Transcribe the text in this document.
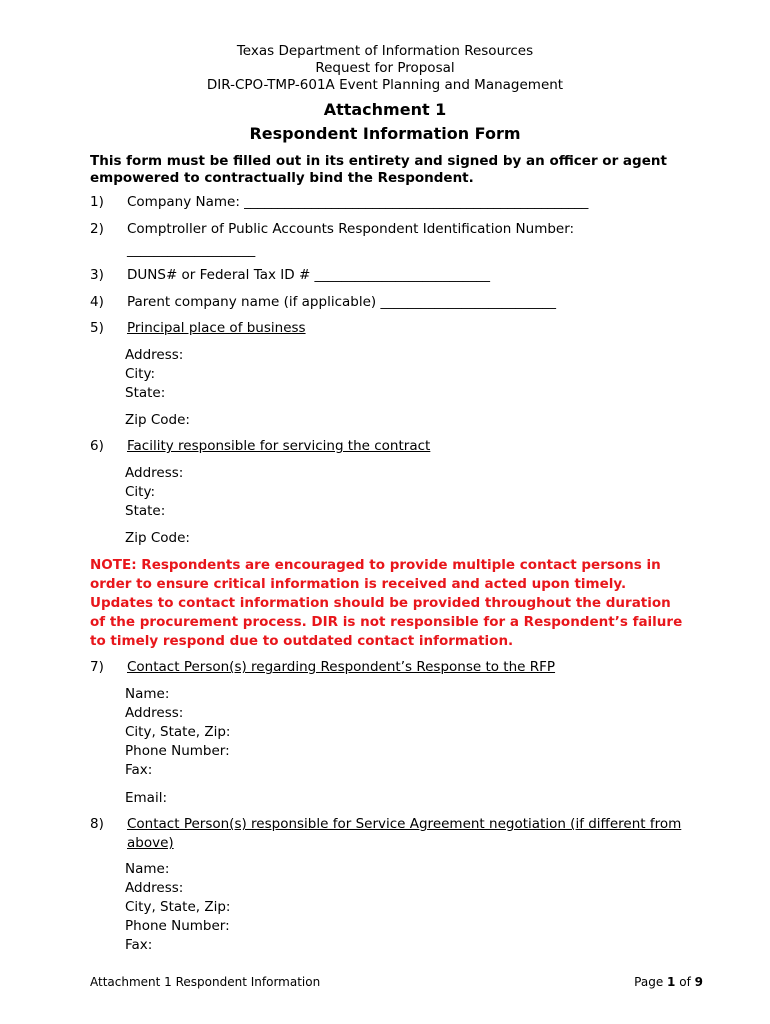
Texas Department of Information Resources
Request for Proposal
DIR-CPO-TMP-601A Event Planning and Management
Attachment 1
Respondent Information Form
This form must be filled out in its entirety and signed by an officer or agent
empowered to contractually bind the Respondent.
1) Company Name: ___________________________________________________
2) Comptroller of Public Accounts Respondent Identification Number:
___________________
3) DUNS# or Federal Tax ID # __________________________
4) Parent company name (if applicable) __________________________
5) Principal place of business
Address:
City:
State:
Zip Code:
6) Facility responsible for servicing the contract
Address:
City:
State:
Zip Code:
NOTE: Respondents are encouraged to provide multiple contact persons in
order to ensure critical information is received and acted upon timely.
Updates to contact information should be provided throughout the duration
of the procurement process. DIR is not responsible for a Respondent’s failure
to timely respond due to outdated contact information.
7) Contact Person(s) regarding Respondent’s Response to the RFP
Name:
Address:
City, State, Zip:
Phone Number:
Fax:
Email:
8) Contact Person(s) responsible for Service Agreement negotiation (if different from
above)
Name:
Address:
City, State, Zip:
Phone Number:
Fax:
Attachment 1 Respondent Information	Page 1 of 9
